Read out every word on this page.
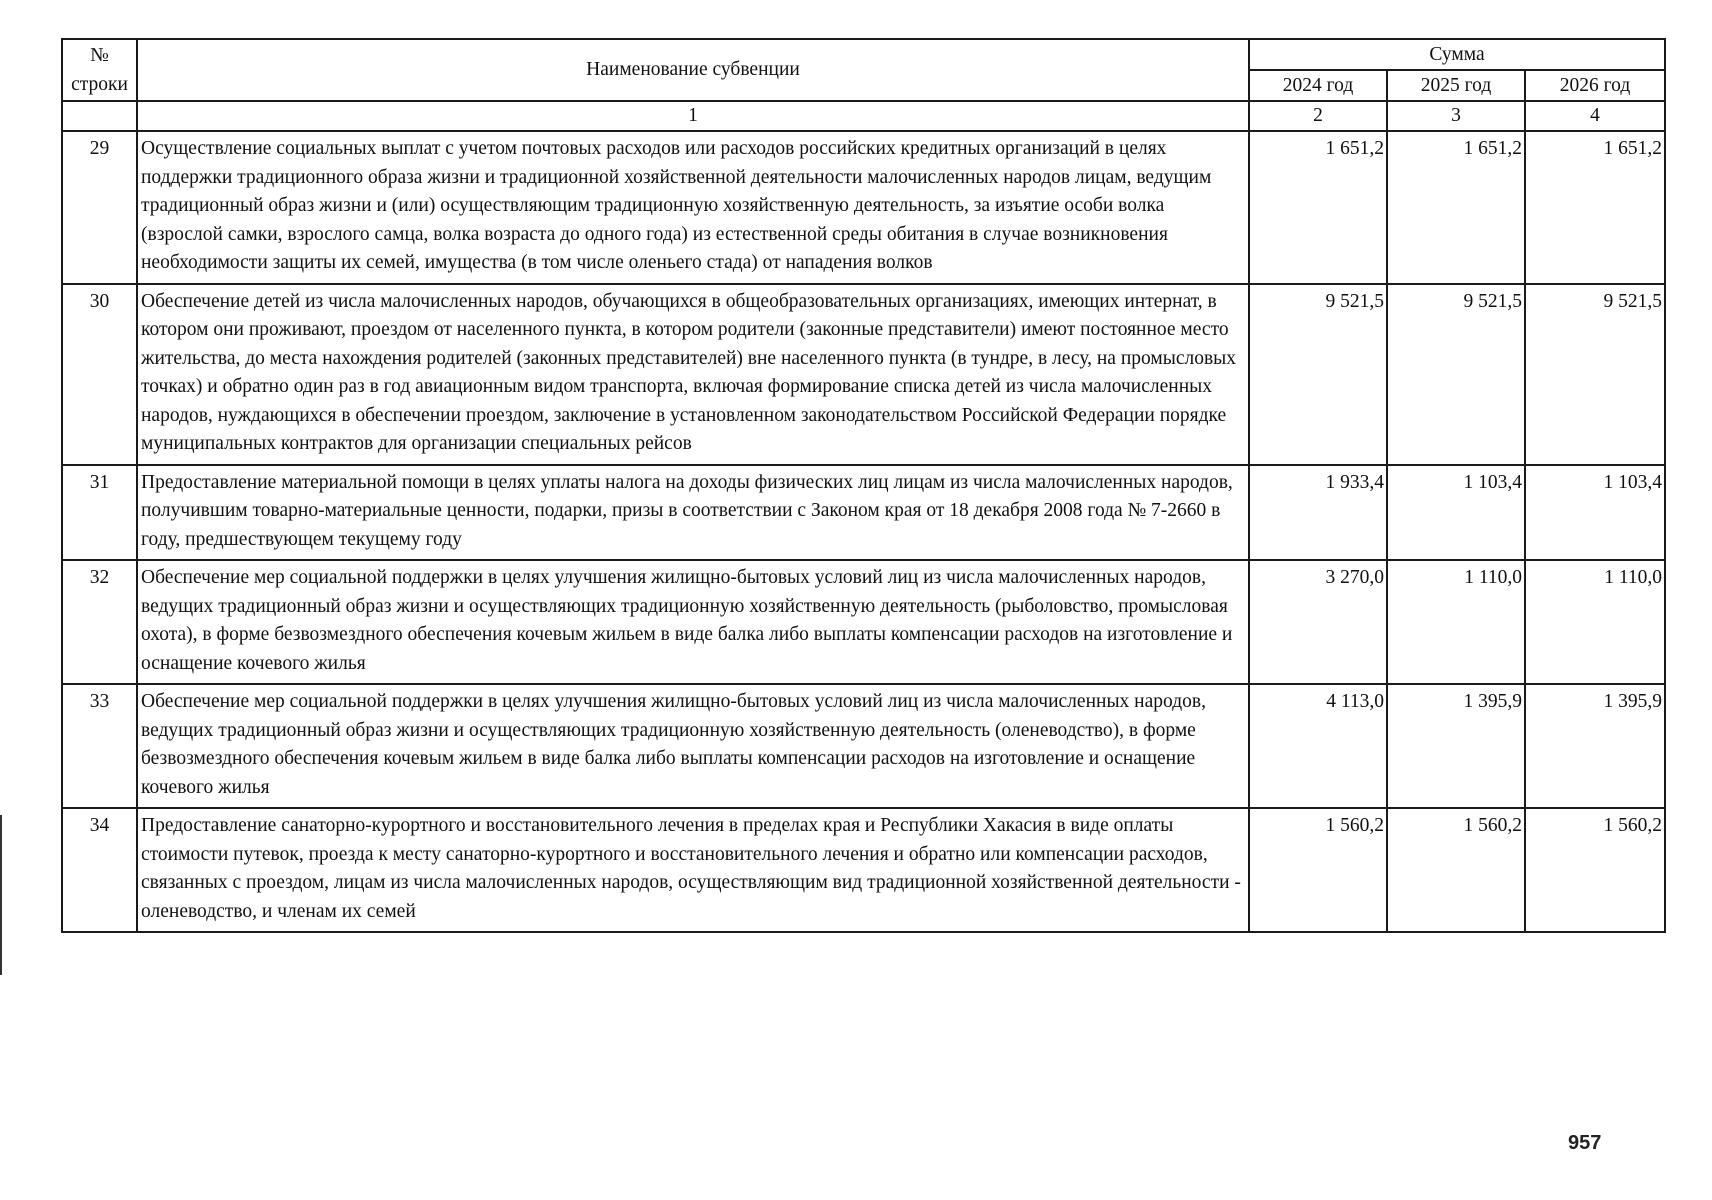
№
строки	Наименование субвенции	Сумма		
		2024 год	2025 год	2026 год
	1	2	3	4
29	Осуществление социальных выплат с учетом почтовых расходов или расходов российских кредитных организаций в целях поддержки традиционного образа жизни и традиционной хозяйственной деятельности малочисленных народов лицам, ведущим традиционный образ жизни и (или) осуществляющим традиционную хозяйственную деятельность, за изъятие особи волка (взрослой самки, взрослого самца, волка возраста до одного года) из естественной среды обитания в случае возникновения необходимости защиты их семей, имущества (в том числе оленьего стада) от нападения волков	1 651,2	1 651,2	1 651,2
30	Обеспечение детей из числа малочисленных народов, обучающихся в общеобразовательных организациях, имеющих интернат, в котором они проживают, проездом от населенного пункта, в котором родители (законные представители) имеют постоянное место жительства, до места нахождения родителей (законных представителей) вне населенного пункта (в тундре, в лесу, на промысловых точках) и обратно один раз в год авиационным видом транспорта, включая формирование списка детей из числа малочисленных народов, нуждающихся в обеспечении проездом, заключение в установленном законодательством Российской Федерации порядке муниципальных контрактов для организации специальных рейсов	9 521,5	9 521,5	9 521,5
31	Предоставление материальной помощи в целях уплаты налога на доходы физических лиц лицам из числа малочисленных народов, получившим товарно-материальные ценности, подарки, призы в соответствии с Законом края от 18 декабря 2008 года № 7-2660 в году, предшествующем текущему году	1 933,4	1 103,4	1 103,4
32	Обеспечение мер социальной поддержки в целях улучшения жилищно-бытовых условий лиц из числа малочисленных народов, ведущих традиционный образ жизни и осуществляющих традиционную хозяйственную деятельность (рыболовство, промысловая охота), в форме безвозмездного обеспечения кочевым жильем в виде балка либо выплаты компенсации расходов на изготовление и оснащение кочевого жилья	3 270,0	1 110,0	1 110,0
33	Обеспечение мер социальной поддержки в целях улучшения жилищно-бытовых условий лиц из числа малочисленных народов, ведущих традиционный образ жизни и осуществляющих традиционную хозяйственную деятельность (оленеводство), в форме безвозмездного обеспечения кочевым жильем в виде балка либо выплаты компенсации расходов на изготовление и оснащение кочевого жилья	4 113,0	1 395,9	1 395,9
34	Предоставление санаторно-курортного и восстановительного лечения в пределах края и Республики Хакасия в виде оплаты стоимости путевок, проезда к месту санаторно-курортного и восстановительного лечения и обратно или компенсации расходов, связанных с проездом, лицам из числа малочисленных народов, осуществляющим вид традиционной хозяйственной деятельности - оленеводство, и членам их семей	1 560,2	1 560,2	1 560,2
957
